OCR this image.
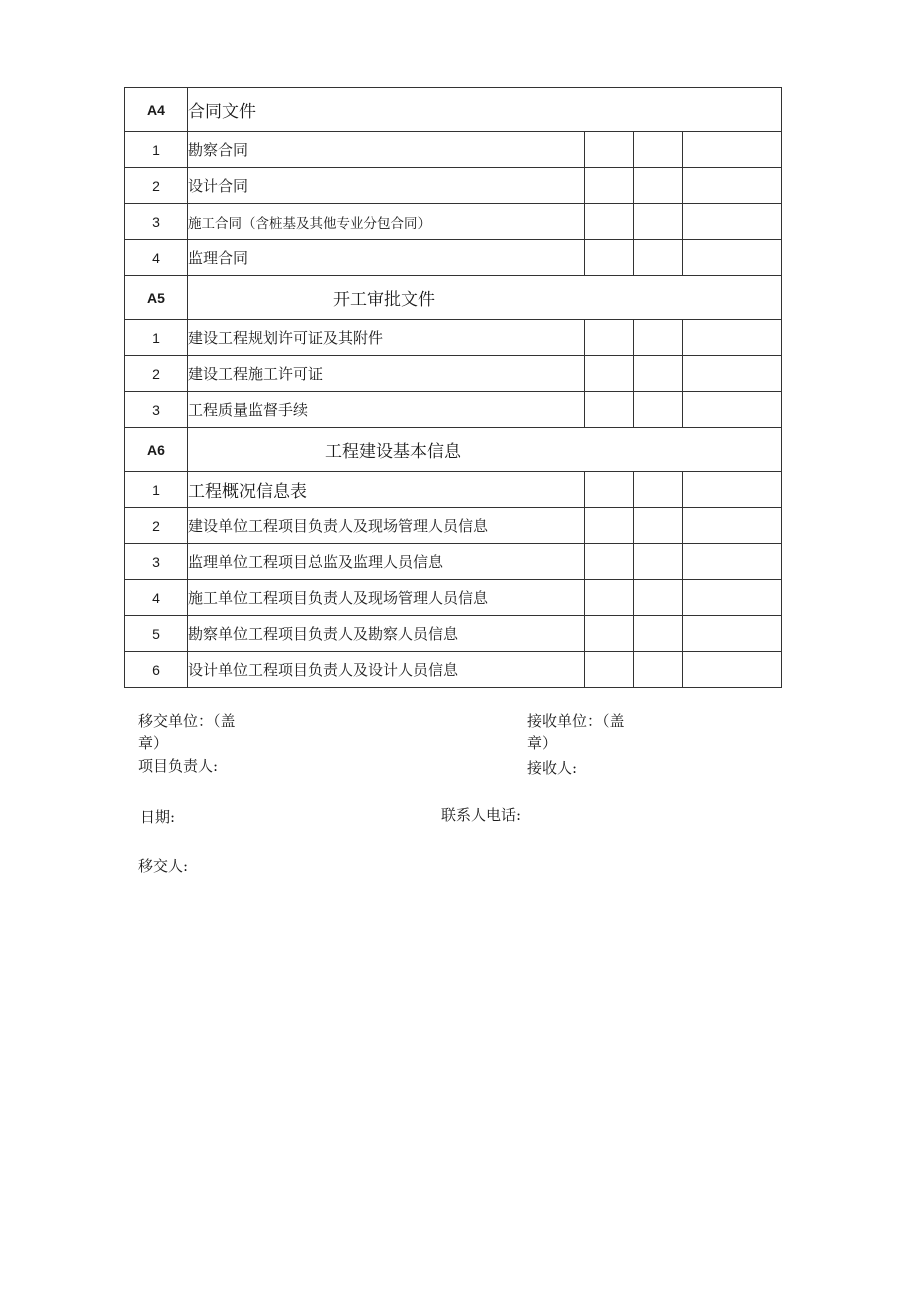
A4	合同文件			
1	勘察合同			
2	设计合同			
3	施工合同（含桩基及其他专业分包合同）			
4	监理合同			
A5	开工审批文件			
1	建设工程规划许可证及其附件			
2	建设工程施工许可证			
3	工程质量监督手续			
A6	工程建设基本信息			
1	工程概况信息表			
2	建设单位工程项目负责人及现场管理人员信息			
3	监理单位工程项目总监及监理人员信息			
4	施工单位工程项目负责人及现场管理人员信息			
5	勘察单位工程项目负责人及勘察人员信息			
6	设计单位工程项目负责人及设计人员信息			
移交单位：（盖
章）
项目负责人:
接收单位：（盖
章）
接收人:
日期:	联系人电话:
移交人:
